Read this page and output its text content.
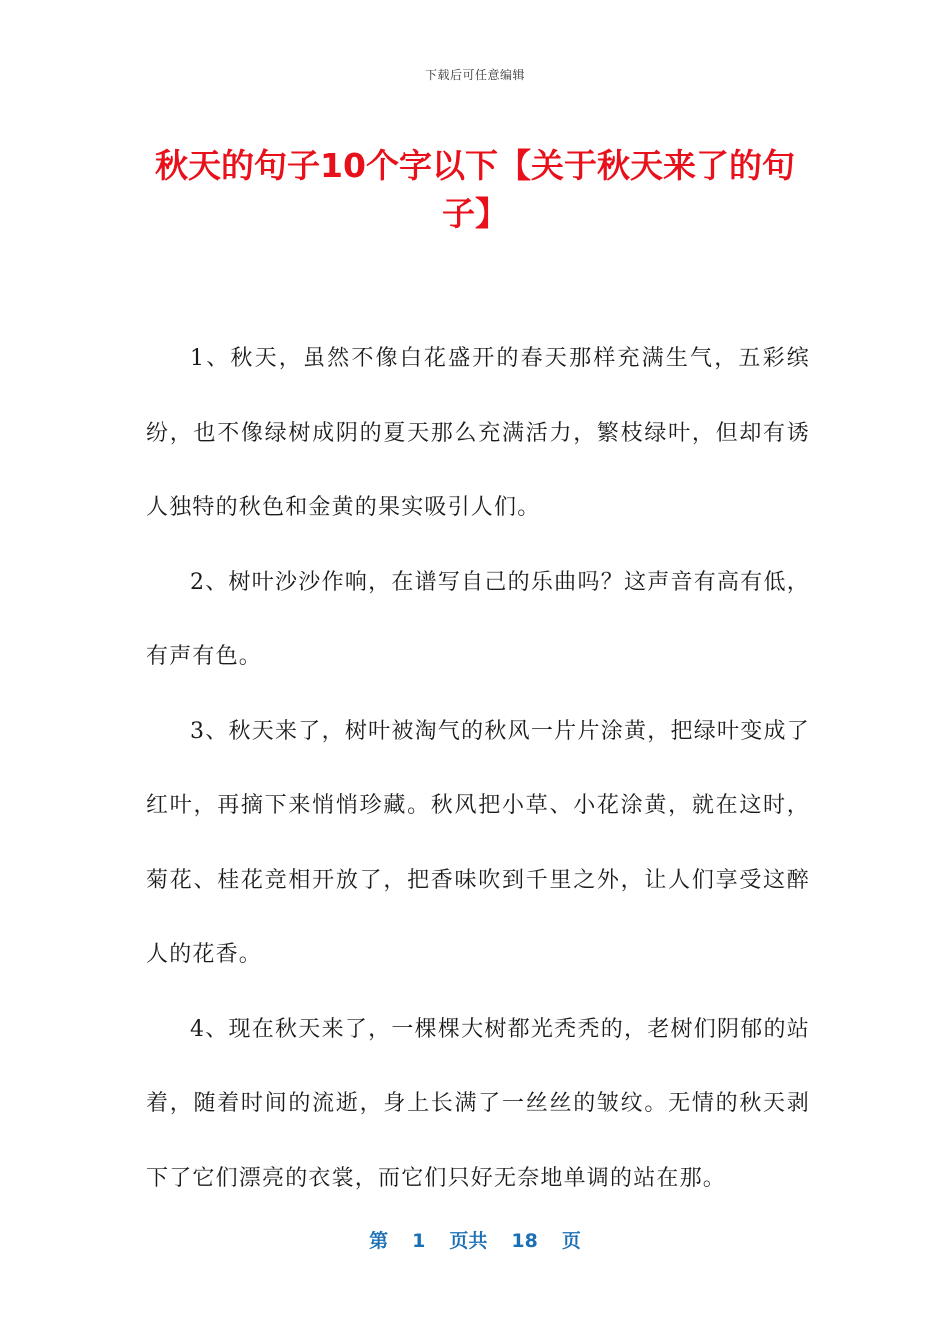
下载后可任意编辑
秋天的句子10个字以下【关于秋天来了的句子】

1、秋天，虽然不像白花盛开的春天那样充满生气，五彩缤纷，也不像绿树成阴的夏天那么充满活力，繁枝绿叶，但却有诱人独特的秋色和金黄的果实吸引人们。

2、树叶沙沙作响，在谱写自己的乐曲吗？这声音有高有低，有声有色。

3、秋天来了，树叶被淘气的秋风一片片涂黄，把绿叶变成了红叶，再摘下来悄悄珍藏。秋风把小草、小花涂黄，就在这时，菊花、桂花竞相开放了，把香味吹到千里之外，让人们享受这醉人的花香。

4、现在秋天来了，一棵棵大树都光秃秃的，老树们阴郁的站着，随着时间的流逝，身上长满了一丝丝的皱纹。无情的秋天剥下了它们漂亮的衣裳，而它们只好无奈地单调的站在那。

第 1 页共 18 页
